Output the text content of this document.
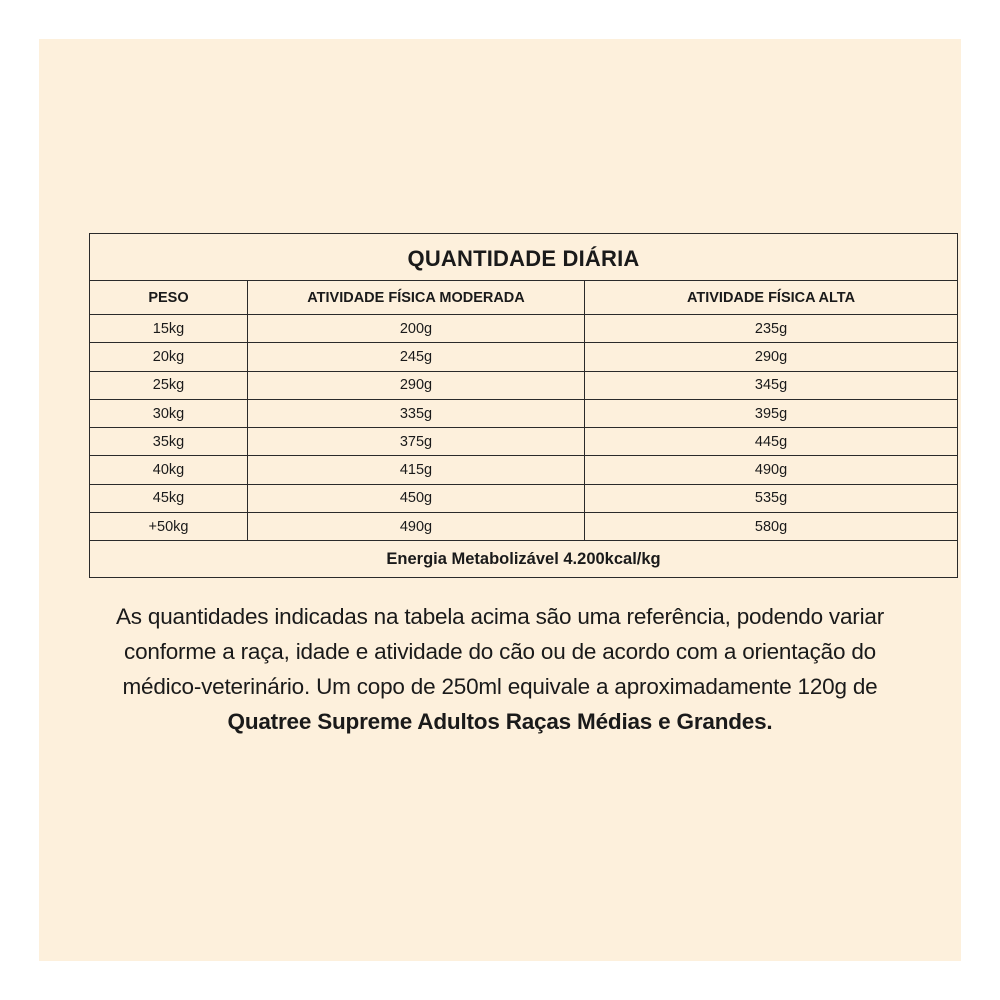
QUANTIDADE DIÁRIA		
PESO	ATIVIDADE FÍSICA MODERADA	ATIVIDADE FÍSICA ALTA
15kg	200g	235g
20kg	245g	290g
25kg	290g	345g
30kg	335g	395g
35kg	375g	445g
40kg	415g	490g
45kg	450g	535g
+50kg	490g	580g
Energia Metabolizável 4.200kcal/kg		
As quantidades indicadas na tabela acima são uma referência, podendo variar
conforme a raça, idade e atividade do cão ou de acordo com a orientação do
médico-veterinário. Um copo de 250ml equivale a aproximadamente 120g de
Quatree Supreme Adultos Raças Médias e Grandes.
